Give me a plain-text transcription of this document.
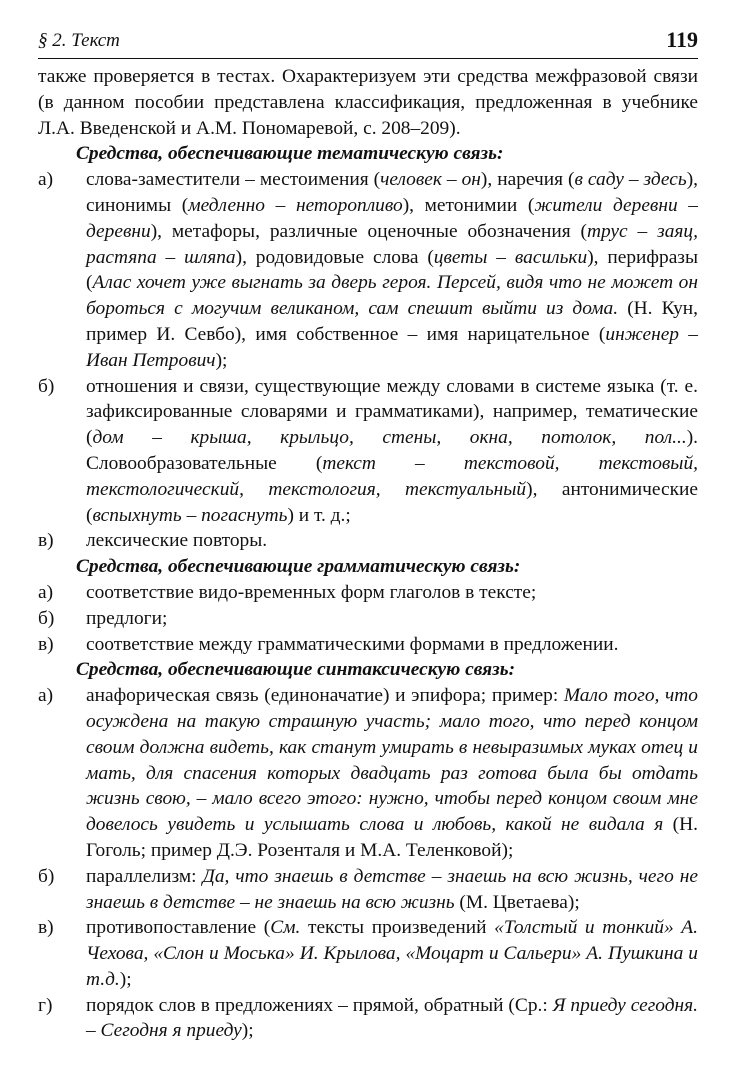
§ 2. Текст	119

также проверяется в тестах. Охарактеризуем эти средства межфразовой связи (в данном пособии представлена классификация, предложенная в учебнике Л.А. Введенской и А.М. Пономаревой, с. 208–209).

Средства, обеспечивающие тематическую связь:

а) слова-заместители – местоимения (человек – он), наречия (в саду – здесь), синонимы (медленно – неторопливо), метонимии (жители деревни – деревни), метафоры, различные оценочные обозначения (трус – заяц, растяпа – шляпа), родовидовые слова (цветы – васильки), перифразы (Алас хочет уже выгнать за дверь героя. Персей, видя что не может он бороться с могучим великаном, сам спешит выйти из дома. (Н. Кун, пример И. Севбо), имя собственное – имя нарицательное (инженер – Иван Петрович);

б) отношения и связи, существующие между словами в системе языка (т. е. зафиксированные словарями и грамматиками), например, тематические (дом – крыша, крыльцо, стены, окна, потолок, пол...). Словообразовательные (текст – текстовой, текстовый, текстологический, текстология, текстуальный), антонимические (вспыхнуть – погаснуть) и т. д.;

в) лексические повторы.

Средства, обеспечивающие грамматическую связь:

а) соответствие видо-временных форм глаголов в тексте;

б) предлоги;

в) соответствие между грамматическими формами в предложении.

Средства, обеспечивающие синтаксическую связь:

а) анафорическая связь (единоначатие) и эпифора; пример: Мало того, что осуждена на такую страшную участь; мало того, что перед концом своим должна видеть, как станут умирать в невыразимых муках отец и мать, для спасения которых двадцать раз готова была бы отдать жизнь свою, – мало всего этого: нужно, чтобы перед концом своим мне довелось увидеть и услышать слова и любовь, какой не видала я (Н. Гоголь; пример Д.Э. Розенталя и М.А. Теленковой);

б) параллелизм: Да, что знаешь в детстве – знаешь на всю жизнь, чего не знаешь в детстве – не знаешь на всю жизнь (М. Цветаева);

в) противопоставление (См. тексты произведений «Толстый и тонкий» А. Чехова, «Слон и Моська» И. Крылова, «Моцарт и Сальери» А. Пушкина и т.д.);

г) порядок слов в предложениях – прямой, обратный (Ср.: Я приеду сегодня. – Сегодня я приеду);
